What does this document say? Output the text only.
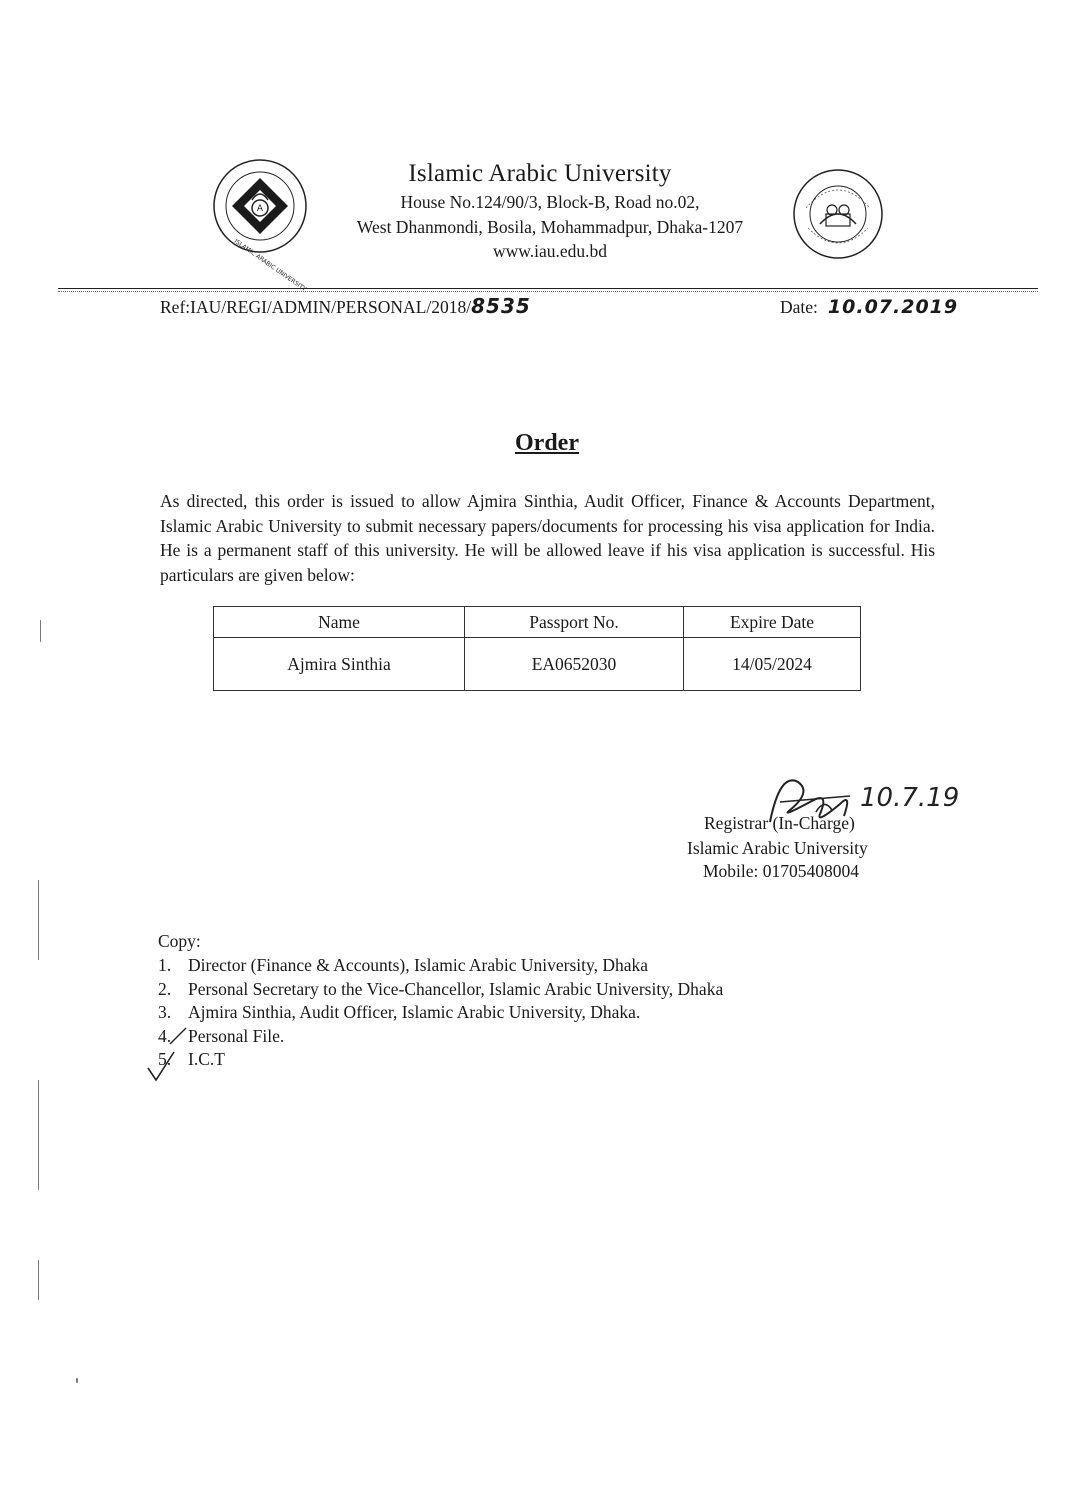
A
ISLAMIC ARABIC UNIVERSITY
Islamic Arabic University
House No.124/90/3, Block-B, Road no.02,
West Dhanmondi, Bosila, Mohammadpur, Dhaka-1207
www.iau.edu.bd
Ref:IAU/REGI/ADMIN/PERSONAL/2018/8535	Date: 10.07.2019
Order
As directed, this order is issued to allow Ajmira Sinthia, Audit Officer, Finance & Accounts Department, Islamic Arabic University to submit necessary papers/documents for processing his visa application for India. He is a permanent staff of this university. He will be allowed leave if his visa application is successful. His particulars are given below:
Name	Passport No.	Expire Date
Ajmira Sinthia	EA0652030	14/05/2024
10.7.19
Registrar (In-Charge)
Islamic Arabic University
Mobile: 01705408004
Copy:
1. Director (Finance & Accounts), Islamic Arabic University, Dhaka
2. Personal Secretary to the Vice-Chancellor, Islamic Arabic University, Dhaka
3. Ajmira Sinthia, Audit Officer, Islamic Arabic University, Dhaka.
4. Personal File.
5. I.C.T
